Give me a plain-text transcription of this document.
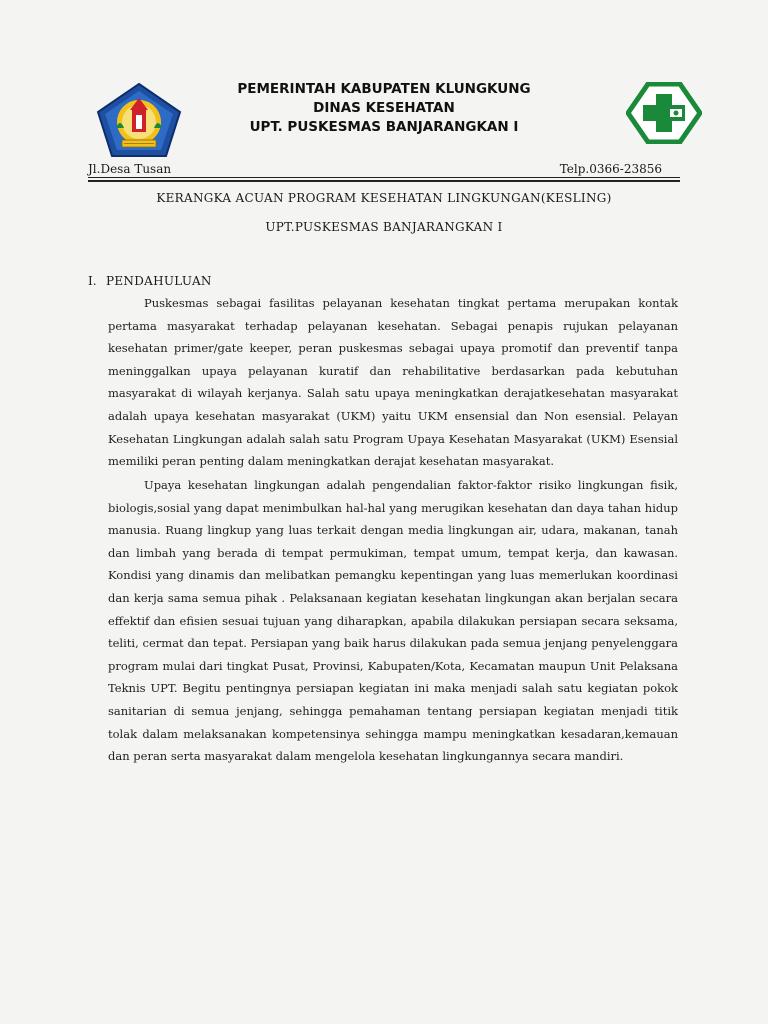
PEMERINTAH KABUPATEN KLUNGKUNG
DINAS KESEHATAN
UPT. PUSKESMAS BANJARANGKAN I
Jl.Desa Tusan	Telp.0366-23856
KERANGKA ACUAN PROGRAM KESEHATAN LINGKUNGAN(KESLING)
UPT.PUSKESMAS BANJARANGKAN I
I. PENDAHULUAN

Puskesmas sebagai fasilitas pelayanan kesehatan tingkat pertama merupakan kontak pertama masyarakat terhadap pelayanan kesehatan. Sebagai penapis rujukan pelayanan kesehatan primer/gate keeper, peran puskesmas sebagai upaya promotif dan preventif tanpa meninggalkan upaya pelayanan kuratif dan rehabilitative berdasarkan pada kebutuhan masyarakat di wilayah kerjanya. Salah satu upaya meningkatkan derajatkesehatan masyarakat adalah upaya kesehatan masyarakat (UKM) yaitu UKM ensensial dan Non esensial. Pelayan Kesehatan Lingkungan adalah salah satu Program Upaya Kesehatan Masyarakat (UKM) Esensial memiliki peran penting dalam meningkatkan derajat kesehatan masyarakat.

Upaya kesehatan lingkungan adalah pengendalian faktor-faktor risiko lingkungan fisik, biologis,sosial yang dapat menimbulkan hal-hal yang merugikan kesehatan dan daya tahan hidup manusia. Ruang lingkup yang luas terkait dengan media lingkungan air, udara, makanan, tanah dan limbah yang berada di tempat permukiman, tempat umum, tempat kerja, dan kawasan. Kondisi yang dinamis dan melibatkan pemangku kepentingan yang luas memerlukan koordinasi dan kerja sama semua pihak . Pelaksanaan kegiatan kesehatan lingkungan akan berjalan secara effektif dan efisien sesuai tujuan yang diharapkan, apabila dilakukan persiapan secara seksama, teliti, cermat dan tepat. Persiapan yang baik harus dilakukan pada semua jenjang penyelenggara program mulai dari tingkat Pusat, Provinsi, Kabupaten/Kota, Kecamatan maupun Unit Pelaksana Teknis UPT. Begitu pentingnya persiapan kegiatan ini maka menjadi salah satu kegiatan pokok sanitarian di semua jenjang, sehingga pemahaman tentang persiapan kegiatan menjadi titik tolak dalam melaksanakan kompetensinya sehingga mampu meningkatkan kesadaran,kemauan dan peran serta masyarakat dalam mengelola kesehatan lingkungannya secara mandiri.
